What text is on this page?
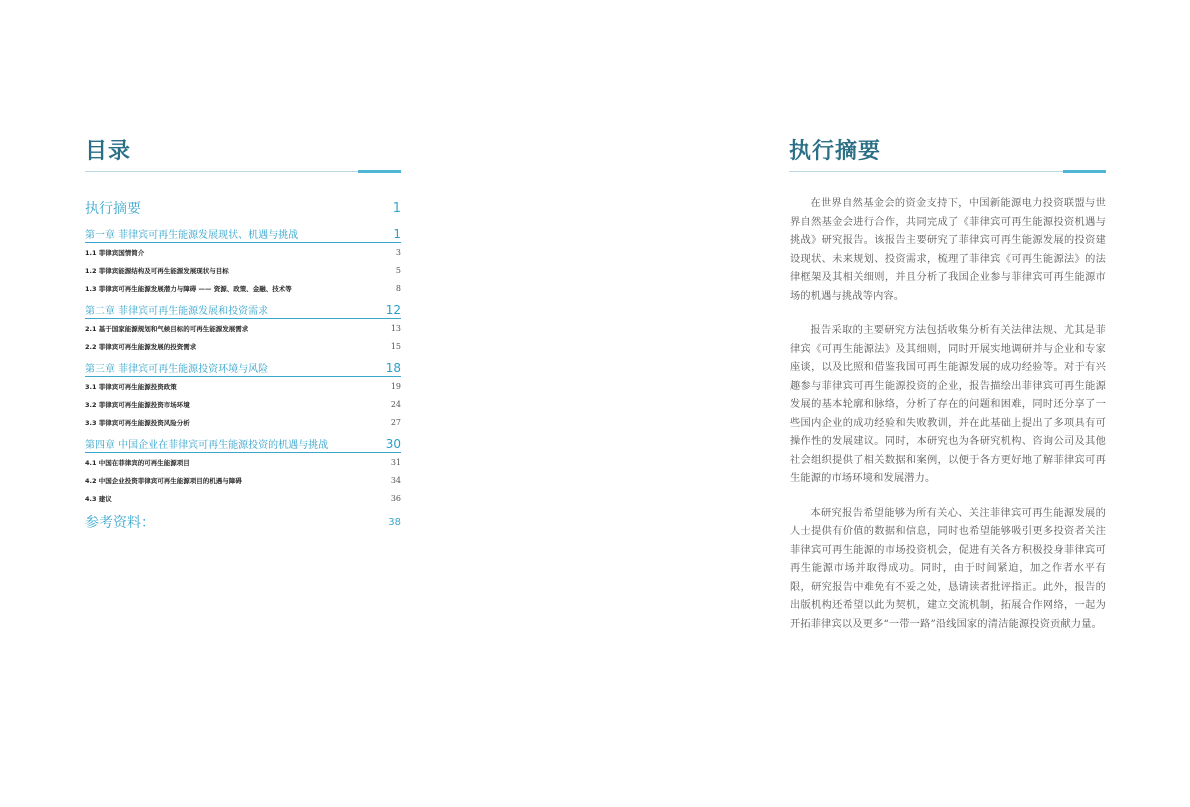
目录
执行摘要	1
第一章 菲律宾可再生能源发展现状、机遇与挑战	1
1.1 菲律宾国情简介	3
1.2 菲律宾能源结构及可再生能源发展现状与目标	5
1.3 菲律宾可再生能源发展潜力与障碍 —— 资源、政策、金融、技术等	8
第二章 菲律宾可再生能源发展和投资需求	12
2.1 基于国家能源规划和气候目标的可再生能源发展需求	13
2.2 菲律宾可再生能源发展的投资需求	15
第三章 菲律宾可再生能源投资环境与风险	18
3.1 菲律宾可再生能源投资政策	19
3.2 菲律宾可再生能源投资市场环境	24
3.3 菲律宾可再生能源投资风险分析	27
第四章 中国企业在菲律宾可再生能源投资的机遇与挑战	30
4.1 中国在菲律宾的可再生能源项目	31
4.2 中国企业投资菲律宾可再生能源项目的机遇与障碍	34
4.3 建议	36
参考资料：	38
执行摘要

在世界自然基金会的资金支持下，中国新能源电力投资联盟与世界自然基金会进行合作，共同完成了《菲律宾可再生能源投资机遇与挑战》研究报告。该报告主要研究了菲律宾可再生能源发展的投资建设现状、未来规划、投资需求，梳理了菲律宾《可再生能源法》的法律框架及其相关细则，并且分析了我国企业参与菲律宾可再生能源市场的机遇与挑战等内容。

报告采取的主要研究方法包括收集分析有关法律法规、尤其是菲律宾《可再生能源法》及其细则，同时开展实地调研并与企业和专家座谈，以及比照和借鉴我国可再生能源发展的成功经验等。对于有兴趣参与菲律宾可再生能源投资的企业，报告描绘出菲律宾可再生能源发展的基本轮廓和脉络，分析了存在的问题和困难，同时还分享了一些国内企业的成功经验和失败教训，并在此基础上提出了多项具有可操作性的发展建议。同时，本研究也为各研究机构、咨询公司及其他社会组织提供了相关数据和案例，以便于各方更好地了解菲律宾可再生能源的市场环境和发展潜力。

本研究报告希望能够为所有关心、关注菲律宾可再生能源发展的人士提供有价值的数据和信息，同时也希望能够吸引更多投资者关注菲律宾可再生能源的市场投资机会，促进有关各方积极投身菲律宾可再生能源市场并取得成功。同时，由于时间紧迫，加之作者水平有限，研究报告中难免有不妥之处，恳请读者批评指正。此外，报告的出版机构还希望以此为契机，建立交流机制，拓展合作网络，一起为开拓菲律宾以及更多“一带一路”沿线国家的清洁能源投资贡献力量。
